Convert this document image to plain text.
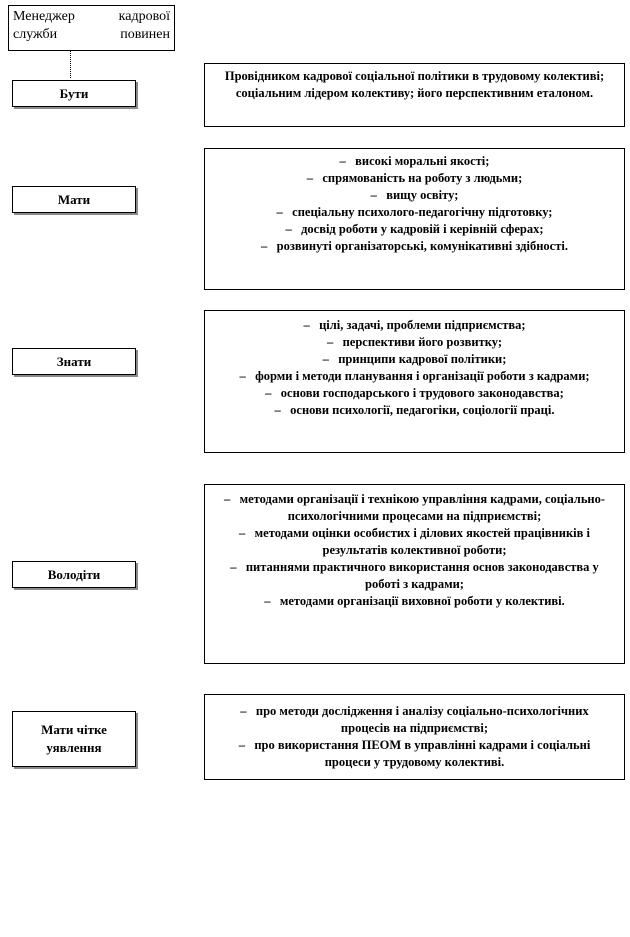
Менеджер кадрової служби повинен
Бути
Провідником кадрової соціальної політики в трудовому колективі; соціальним лідером колективу; його перспективним еталоном.
Мати
– високі моральні якості;
– спрямованість на роботу з людьми;
– вищу освіту;
– спеціальну психолого-педагогічну підготовку;
– досвід роботи у кадровій і керівній сферах;
– розвинуті організаторські, комунікативні здібності.
Знати
– цілі, задачі, проблеми підприємства;
– перспективи його розвитку;
– принципи кадрової політики;
– форми і методи планування і організації роботи з кадрами;
– основи господарського і трудового законодавства;
– основи психології, педагогіки, соціології праці.
Володіти
– методами організації і технікою управління кадрами, соціально-психологічними процесами на підприємстві;
– методами оцінки особистих і ділових якостей працівників і результатів колективної роботи;
– питаннями практичного використання основ законодавства у роботі з кадрами;
– методами організації виховної роботи у колективі.
Мати чітке уявлення
– про методи дослідження і аналізу соціально-психологічних процесів на підприємстві;
– про використання ПЕОМ в управлінні кадрами і соціальні процеси у трудовому колективі.
